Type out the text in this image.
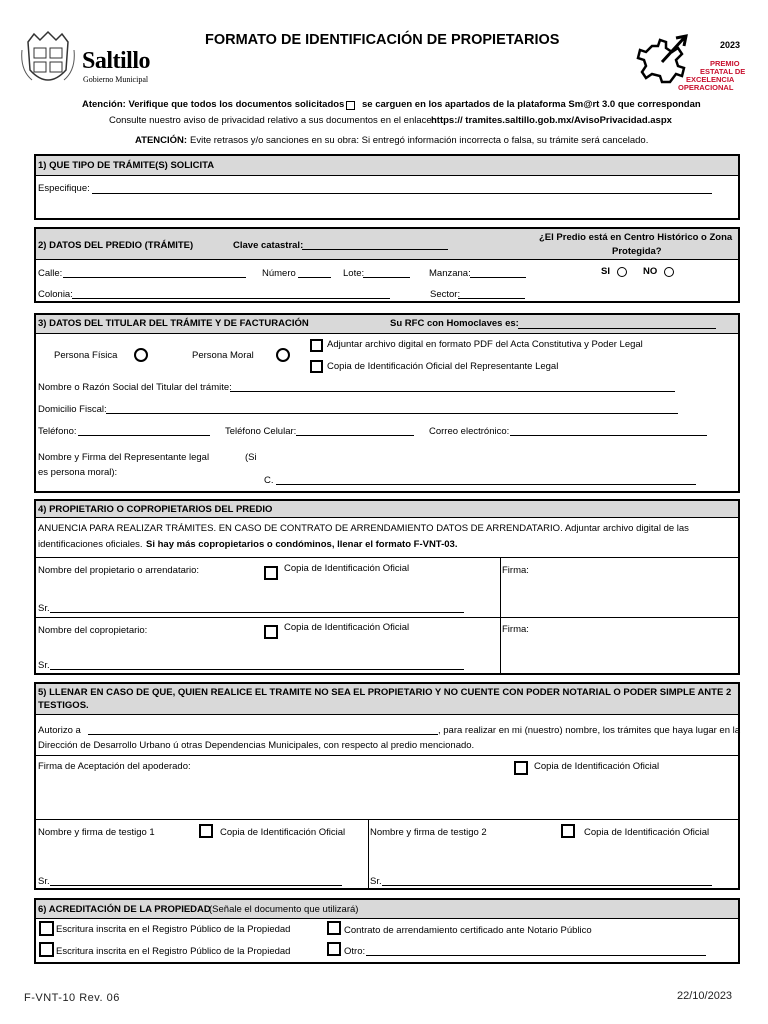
Saltillo
Gobierno Municipal
FORMATO DE IDENTIFICACIÓN DE PROPIETARIOS	2023
PREMIO
ESTATAL DE
EXCELENCIA
OPERACIONAL
Atención: Verifique que todos los documentos solicitados se carguen en los apartados de la plataforma Sm@rt 3.0 que correspondan
Consulte nuestro aviso de privacidad relativo a sus documentos en el enlace:
https:// tramites.saltillo.gob.mx/AvisoPrivacidad.aspx
ATENCIÓN: Evite retrasos y/o sanciones en su obra: Si entregó información incorrecta o falsa, su trámite será cancelado.
1) QUE TIPO DE TRÁMITE(S) SOLICITA
Especifique:
2) DATOS DEL PREDIO (TRÁMITE)	Clave catastral:
¿El Predio está en Centro Histórico o Zona
Protegida?
Calle:	Número	Lote:	Manzana:	SI	NO
Colonia:	Sector:
3) DATOS DEL TITULAR DEL TRÁMITE Y DE FACTURACIÓN	Su RFC con Homoclaves es:
Persona Física	Persona Moral
Adjuntar archivo digital en formato PDF del Acta Constitutiva y Poder Legal
Copia de Identificación Oficial del Representante Legal
Nombre o Razón Social del Titular del trámite:
Domicilio Fiscal:
Teléfono:	Teléfono Celular:	Correo electrónico:
Nombre y Firma del Representante legal	(Si
es persona moral):
C.
4) PROPIETARIO O COPROPIETARIOS DEL PREDIO
ANUENCIA PARA REALIZAR TRÁMITES. EN CASO DE CONTRATO DE ARRENDAMIENTO DATOS DE ARRENDATARIO. Adjuntar archivo digital de las
identificaciones oficiales. Si hay más copropietarios o condóminos, llenar el formato F-VNT-03.
Nombre del propietario o arrendatario:	Copia de Identificación Oficial	Firma:
Sr.
Nombre del copropietario:	Copia de Identificación Oficial	Firma:
Sr.
5) LLENAR EN CASO DE QUE, QUIEN REALICE EL TRAMITE NO SEA EL PROPIETARIO Y NO CUENTE CON PODER NOTARIAL O PODER SIMPLE ANTE 2
TESTIGOS.
Autorizo a	, para realizar en mi (nuestro) nombre, los trámites que haya lugar en la
Dirección de Desarrollo Urbano ú otras Dependencias Municipales, con respecto al predio mencionado.
Firma de Aceptación del apoderado:	Copia de Identificación Oficial
Nombre y firma de testigo 1	Copia de Identificación Oficial	Nombre y firma de testigo 2	Copia de Identificación Oficial
Sr.	Sr.
6) ACREDITACIÓN DE LA PROPIEDAD
(Señale el documento que utilizará)
Escritura inscrita en el Registro Público de la Propiedad	Contrato de arrendamiento certificado ante Notario Público
Escritura inscrita en el Registro Público de la Propiedad	Otro:
F-VNT-10 Rev. 06	22/10/2023
